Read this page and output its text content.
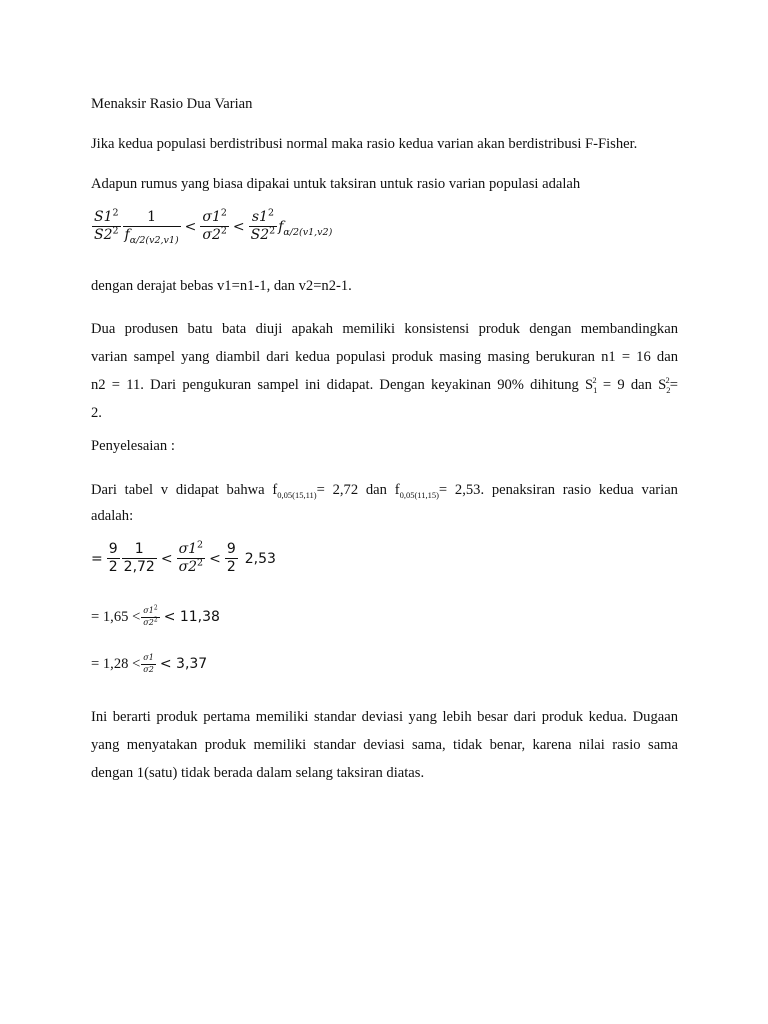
Menaksir Rasio Dua Varian

Jika kedua populasi berdistribusi normal maka rasio kedua varian akan berdistribusi F-Fisher.

Adapun rumus yang biasa dipakai untuk taksiran untuk rasio varian populasi adalah

$\frac{S1^2}{S2^2} \frac{1}{f_{\alpha/2(v2,v1)}} < \frac{\sigma 1^2}{\sigma 2^2} < \frac{s1^2}{S2^2} f_{\alpha/2(v1,v2)}$

dengan derajat bebas v1=n1-1, dan v2=n2-1.

Dua produsen batu bata diuji apakah memiliki konsistensi produk dengan membandingkan
varian sampel yang diambil dari kedua populasi produk masing masing berukuran n1 = 16 dan
n2 = 11. Dari pengukuran sampel ini didapat. Dengan keyakinan 90% dihitung $S_1^2 = 9$ dan $S_2^2=$
2.

Penyelesaian :

Dari tabel v didapat bahwa $f_{0,05(15,11)}= 2,72$ dan $f_{0,05(11,15)}= 2,53$. penaksiran rasio kedua varian
adalah:
= $\frac{9}{2} \frac{1}{2,72} < \frac{\sigma 1^2}{\sigma 2^2} < \frac{9}{2} 2,53$
= $1,65 < \frac{\sigma 1^2}{\sigma 2^2} < 11,38$
= $1,28 < \frac{\sigma 1}{\sigma 2} < 3,37$
Ini berarti produk pertama memiliki standar deviasi yang lebih besar dari produk kedua. Dugaan
yang menyatakan produk memiliki standar deviasi sama, tidak benar, karena nilai rasio sama
dengan 1(satu) tidak berada dalam selang taksiran diatas.
